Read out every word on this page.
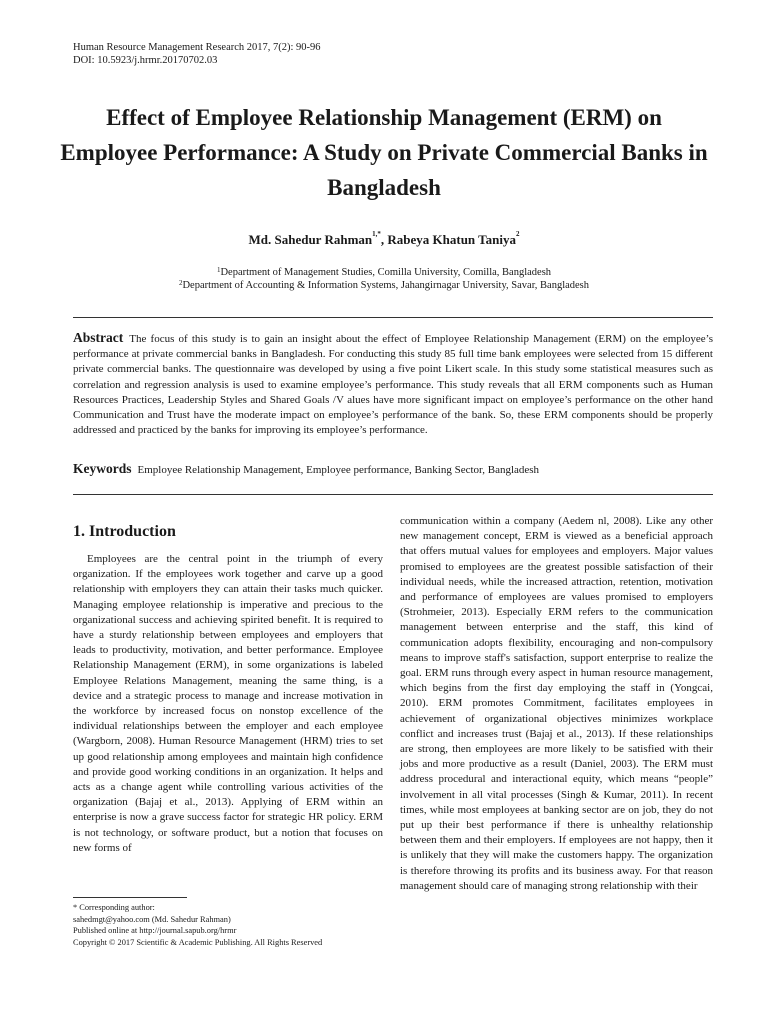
Human Resource Management Research 2017, 7(2): 90-96
DOI: 10.5923/j.hrmr.20170702.03
Effect of Employee Relationship Management (ERM) on Employee Performance: A Study on Private Commercial Banks in Bangladesh
Md. Sahedur Rahman$^{1,*}$, Rabeya Khatun Taniya$^2$
$^1$Department of Management Studies, Comilla University, Comilla, Bangladesh
$^2$Department of Accounting & Information Systems, Jahangirnagar University, Savar, Bangladesh
Abstract The focus of this study is to gain an insight about the effect of Employee Relationship Management (ERM) on the employee’s performance at private commercial banks in Bangladesh. For conducting this study 85 full time bank employees were selected from 15 different private commercial banks. The questionnaire was developed by using a five point Likert scale. In this study some statistical measures such as correlation and regression analysis is used to examine employee’s performance. This study reveals that all ERM components such as Human Resources Practices, Leadership Styles and Shared Goals /V alues have more significant impact on employee’s performance on the other hand Communication and Trust have the moderate impact on employee’s performance of the bank. So, these ERM components should be properly addressed and practiced by the banks for improving its employee’s performance.
Keywords Employee Relationship Management, Employee performance, Banking Sector, Bangladesh
1. Introduction

Employees are the central point in the triumph of every organization. If the employees work together and carve up a good relationship with employers they can attain their tasks much quicker. Managing employee relationship is imperative and precious to the organizational success and achieving spirited benefit. It is required to have a sturdy relationship between employees and employers that leads to productivity, motivation, and better performance. Employee Relationship Management (ERM), in some organizations is labeled Employee Relations Management, meaning the same thing, is a device and a strategic process to manage and increase motivation in the workforce by increased focus on nonstop excellence of the individual relationships between the employer and each employee (Wargborn, 2008). Human Resource Management (HRM) tries to set up good relationship among employees and maintain high confidence and provide good working conditions in an organization. It helps and acts as a change agent while controlling various activities of the organization (Bajaj et al., 2013). Applying of ERM within an enterprise is now a grave success factor for strategic HR policy. ERM is not technology, or software product, but a notion that focuses on new forms of

communication within a company (Aedem nl, 2008). Like any other new management concept, ERM is viewed as a beneficial approach that offers mutual values for employees and employers. Major values promised to employees are the greatest possible satisfaction of their individual needs, while the increased attraction, retention, motivation and performance of employees are values promised to employers (Strohmeier, 2013). Especially ERM refers to the communication management between enterprise and the staff, this kind of communication adopts flexibility, encouraging and non-compulsory means to improve staff's satisfaction, support enterprise to realize the goal. ERM runs through every aspect in human resource management, which begins from the first day employing the staff in (Yongcai, 2010). ERM promotes Commitment, facilitates employees in achievement of organizational objectives minimizes workplace conflict and increases trust (Bajaj et al., 2013). If these relationships are strong, then employees are more likely to be satisfied with their jobs and more productive as a result (Daniel, 2003). The ERM must address procedural and interactional equity, which means “people” involvement in all vital processes (Singh & Kumar, 2011). In recent times, while most employees at banking sector are on job, they do not put up their best performance if there is unhealthy relationship between them and their employers. If employees are not happy, then it is unlikely that they will make the customers happy. The organization is therefore throwing its profits and its business away. For that reason management should care of managing strong relationship with their

* Corresponding author:
sahedmgt@yahoo.com (Md. Sahedur Rahman)
Published online at http://journal.sapub.org/hrmr
Copyright © 2017 Scientific & Academic Publishing. All Rights Reserved
